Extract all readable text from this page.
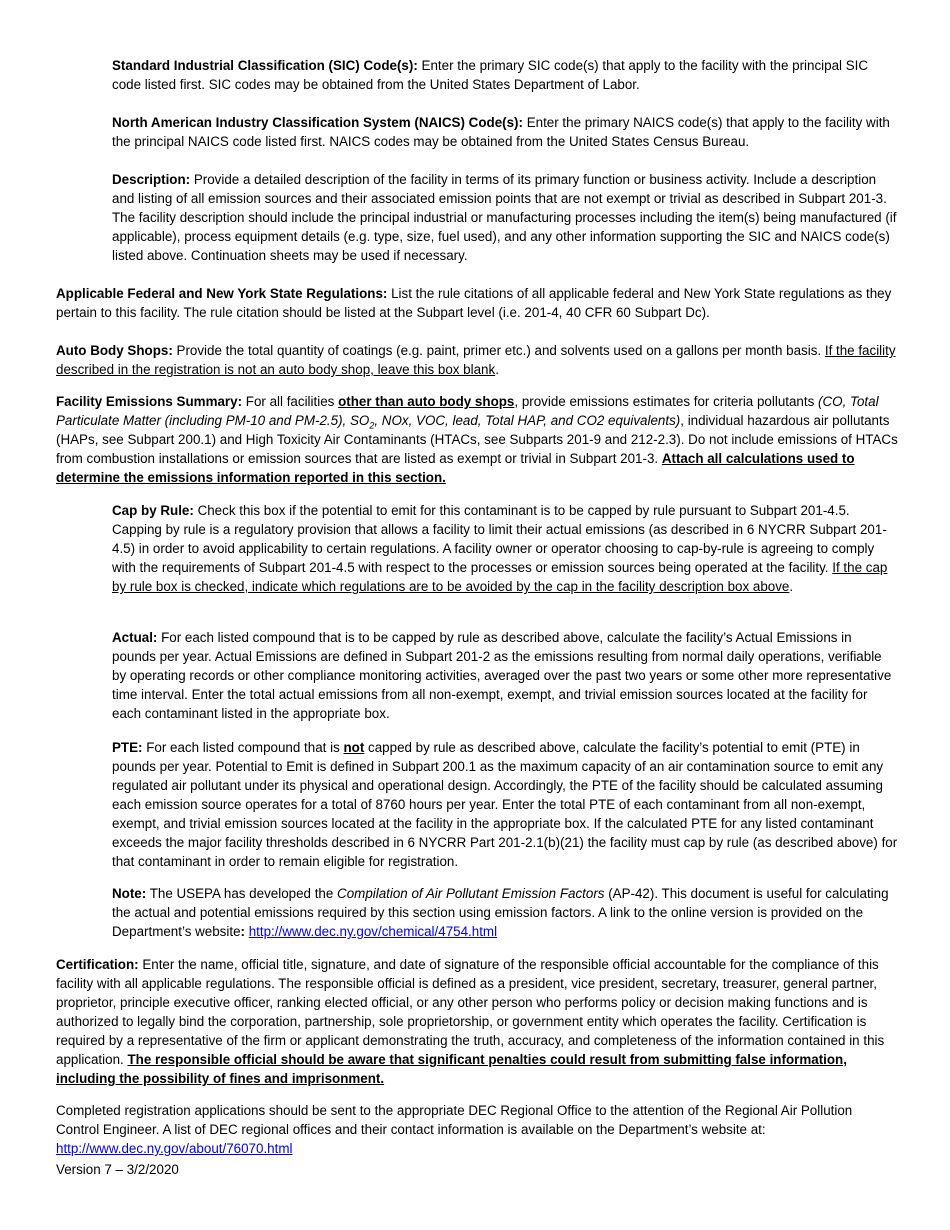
Standard Industrial Classification (SIC) Code(s): Enter the primary SIC code(s) that apply to the facility with the principal SIC code listed first. SIC codes may be obtained from the United States Department of Labor.

North American Industry Classification System (NAICS) Code(s): Enter the primary NAICS code(s) that apply to the facility with the principal NAICS code listed first. NAICS codes may be obtained from the United States Census Bureau.

Description: Provide a detailed description of the facility in terms of its primary function or business activity. Include a description and listing of all emission sources and their associated emission points that are not exempt or trivial as described in Subpart 201-3. The facility description should include the principal industrial or manufacturing processes including the item(s) being manufactured (if applicable), process equipment details (e.g. type, size, fuel used), and any other information supporting the SIC and NAICS code(s) listed above. Continuation sheets may be used if necessary.

Applicable Federal and New York State Regulations: List the rule citations of all applicable federal and New York State regulations as they pertain to this facility. The rule citation should be listed at the Subpart level (i.e. 201-4, 40 CFR 60 Subpart Dc).

Auto Body Shops: Provide the total quantity of coatings (e.g. paint, primer etc.) and solvents used on a gallons per month basis. If the facility described in the registration is not an auto body shop, leave this box blank.

Facility Emissions Summary: For all facilities other than auto body shops, provide emissions estimates for criteria pollutants (CO, Total Particulate Matter (including PM-10 and PM-2.5), $SO_2$, NOx, VOC, lead, Total HAP, and CO2 equivalents), individual hazardous air pollutants (HAPs, see Subpart 200.1) and High Toxicity Air Contaminants (HTACs, see Subparts 201-9 and 212-2.3). Do not include emissions of HTACs from combustion installations or emission sources that are listed as exempt or trivial in Subpart 201-3. Attach all calculations used to determine the emissions information reported in this section.

Cap by Rule: Check this box if the potential to emit for this contaminant is to be capped by rule pursuant to Subpart 201-4.5. Capping by rule is a regulatory provision that allows a facility to limit their actual emissions (as described in 6 NYCRR Subpart 201-4.5) in order to avoid applicability to certain regulations. A facility owner or operator choosing to cap-by-rule is agreeing to comply with the requirements of Subpart 201-4.5 with respect to the processes or emission sources being operated at the facility. If the cap by rule box is checked, indicate which regulations are to be avoided by the cap in the facility description box above.

Actual: For each listed compound that is to be capped by rule as described above, calculate the facility’s Actual Emissions in pounds per year. Actual Emissions are defined in Subpart 201-2 as the emissions resulting from normal daily operations, verifiable by operating records or other compliance monitoring activities, averaged over the past two years or some other more representative time interval. Enter the total actual emissions from all non-exempt, exempt, and trivial emission sources located at the facility for each contaminant listed in the appropriate box.

PTE: For each listed compound that is not capped by rule as described above, calculate the facility’s potential to emit (PTE) in pounds per year. Potential to Emit is defined in Subpart 200.1 as the maximum capacity of an air contamination source to emit any regulated air pollutant under its physical and operational design. Accordingly, the PTE of the facility should be calculated assuming each emission source operates for a total of 8760 hours per year. Enter the total PTE of each contaminant from all non-exempt, exempt, and trivial emission sources located at the facility in the appropriate box. If the calculated PTE for any listed contaminant exceeds the major facility thresholds described in 6 NYCRR Part 201-2.1(b)(21) the facility must cap by rule (as described above) for that contaminant in order to remain eligible for registration.

Note: The USEPA has developed the Compilation of Air Pollutant Emission Factors (AP-42). This document is useful for calculating the actual and potential emissions required by this section using emission factors. A link to the online version is provided on the Department’s website: http://www.dec.ny.gov/chemical/4754.html

Certification: Enter the name, official title, signature, and date of signature of the responsible official accountable for the compliance of this facility with all applicable regulations. The responsible official is defined as a president, vice president, secretary, treasurer, general partner, proprietor, principle executive officer, ranking elected official, or any other person who performs policy or decision making functions and is authorized to legally bind the corporation, partnership, sole proprietorship, or government entity which operates the facility. Certification is required by a representative of the firm or applicant demonstrating the truth, accuracy, and completeness of the information contained in this application. The responsible official should be aware that significant penalties could result from submitting false information, including the possibility of fines and imprisonment.

Completed registration applications should be sent to the appropriate DEC Regional Office to the attention of the Regional Air Pollution Control Engineer. A list of DEC regional offices and their contact information is available on the Department’s website at: http://www.dec.ny.gov/about/76070.html

Version 7 – 3/2/2020
